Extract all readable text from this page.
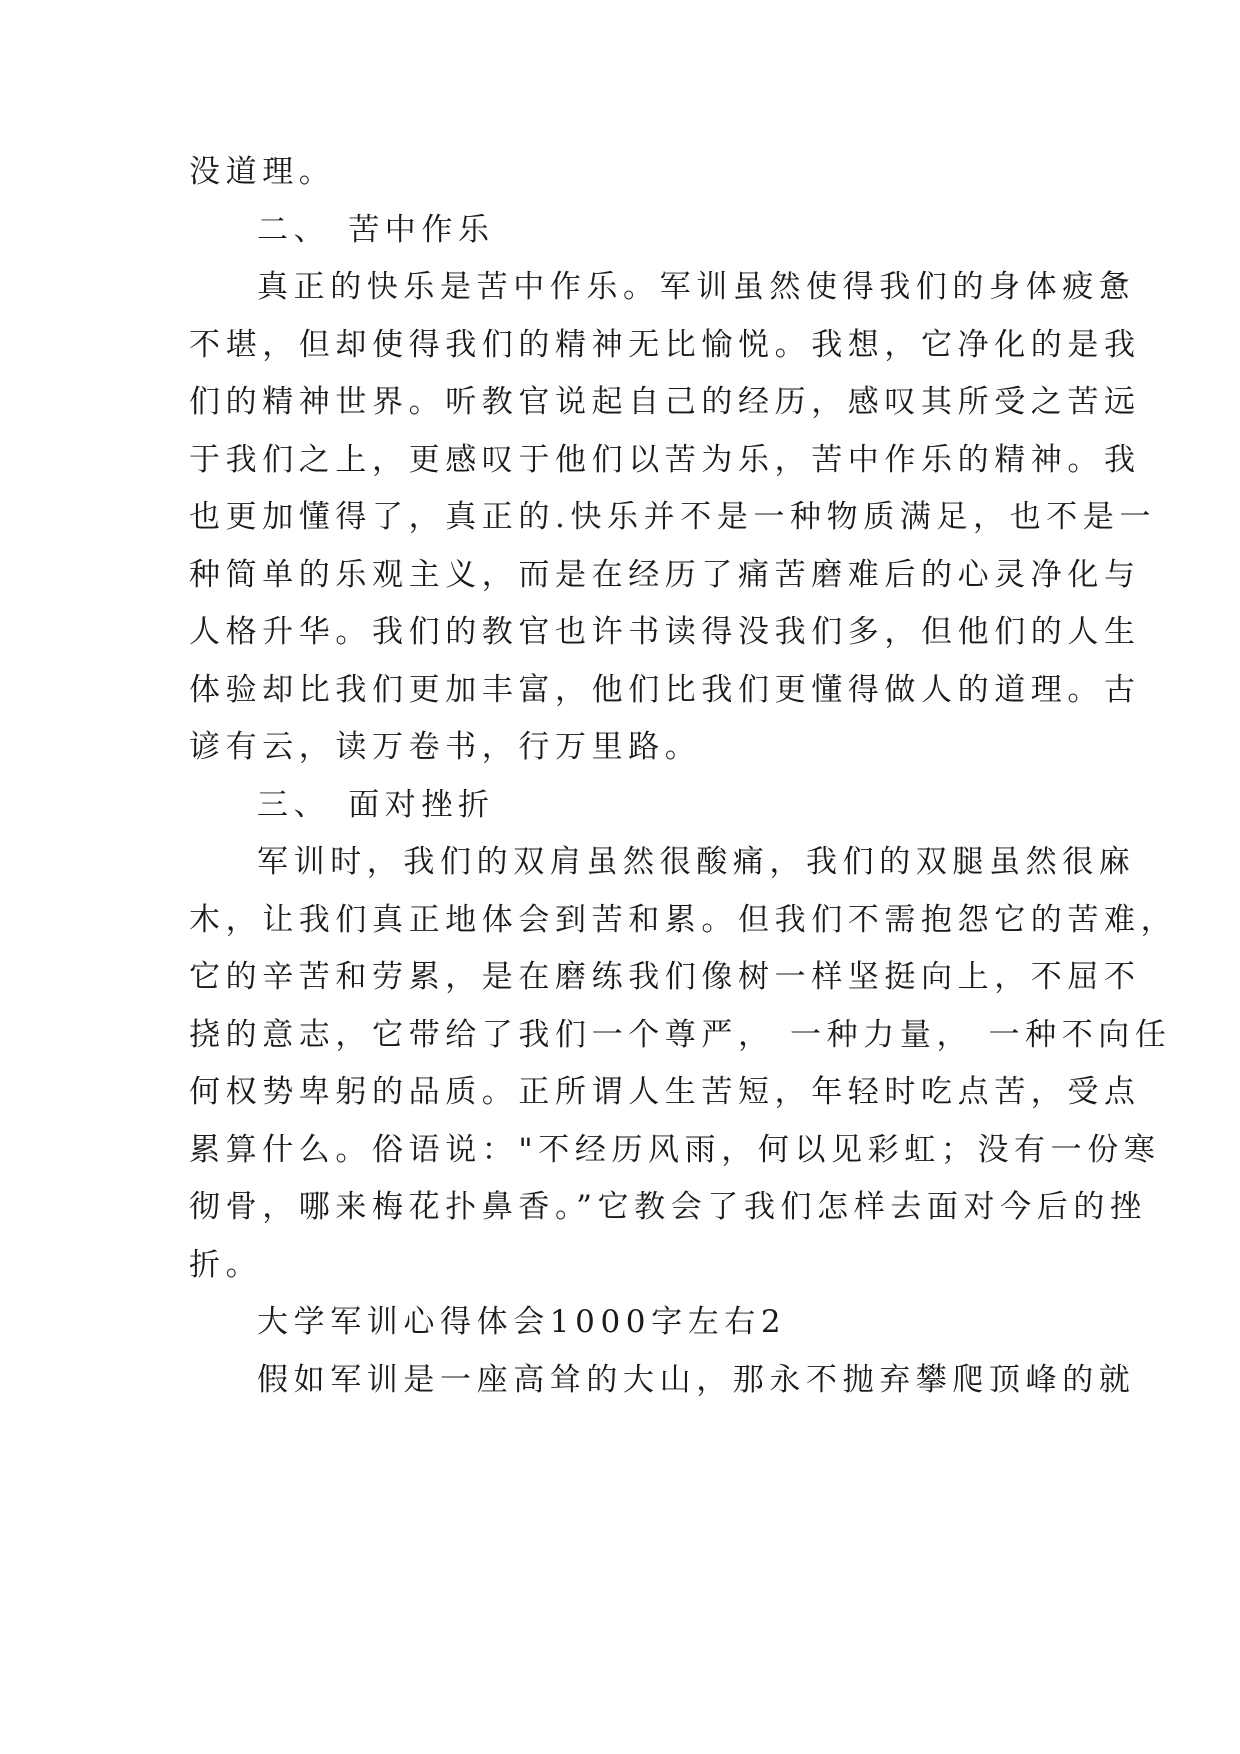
没道理。
二、 苦中作乐
真正的快乐是苦中作乐。军训虽然使得我们的身体疲惫
不堪，但却使得我们的精神无比愉悦。我想，它净化的是我
们的精神世界。听教官说起自己的经历，感叹其所受之苦远
于我们之上，更感叹于他们以苦为乐，苦中作乐的精神。我
也更加懂得了，真正的.快乐并不是一种物质满足，也不是一
种简单的乐观主义，而是在经历了痛苦磨难后的心灵净化与
人格升华。我们的教官也许书读得没我们多，但他们的人生
体验却比我们更加丰富，他们比我们更懂得做人的道理。古
谚有云，读万卷书，行万里路。
三、 面对挫折
军训时，我们的双肩虽然很酸痛，我们的双腿虽然很麻
木，让我们真正地体会到苦和累。但我们不需抱怨它的苦难，
它的辛苦和劳累，是在磨练我们像树一样坚挺向上，不屈不
挠的意志，它带给了我们一个尊严， 一种力量， 一种不向任
何权势卑躬的品质。正所谓人生苦短，年轻时吃点苦，受点
累算什么。俗语说："不经历风雨，何以见彩虹；没有一份寒
彻骨，哪来梅花扑鼻香。”它教会了我们怎样去面对今后的挫
折。
大学军训心得体会1000字左右2
假如军训是一座高耸的大山，那永不抛弃攀爬顶峰的就
